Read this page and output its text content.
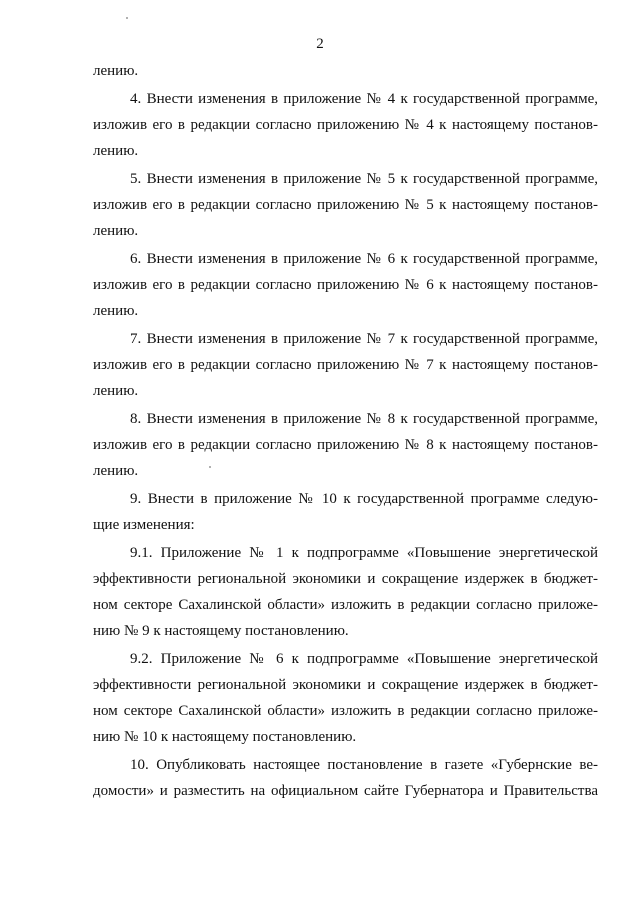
2
лению.
4. Внести изменения в приложение № 4 к государственной программе,
изложив его в редакции согласно приложению № 4 к настоящему постанов-
лению.
5. Внести изменения в приложение № 5 к государственной программе,
изложив его в редакции согласно приложению № 5 к настоящему постанов-
лению.
6. Внести изменения в приложение № 6 к государственной программе,
изложив его в редакции согласно приложению № 6 к настоящему постанов-
лению.
7. Внести изменения в приложение № 7 к государственной программе,
изложив его в редакции согласно приложению № 7 к настоящему постанов-
лению.
8. Внести изменения в приложение № 8 к государственной программе,
изложив его в редакции согласно приложению № 8 к настоящему постанов-
лению.
9. Внести в приложение № 10 к государственной программе следую-
щие изменения:
9.1. Приложение № 1 к подпрограмме «Повышение энергетической
эффективности региональной экономики и сокращение издержек в бюджет-
ном секторе Сахалинской области» изложить в редакции согласно приложе-
нию № 9 к настоящему постановлению.
9.2. Приложение № 6 к подпрограмме «Повышение энергетической
эффективности региональной экономики и сокращение издержек в бюджет-
ном секторе Сахалинской области» изложить в редакции согласно приложе-
нию № 10 к настоящему постановлению.
10. Опубликовать настоящее постановление в газете «Губернские ве-
домости» и разместить на официальном сайте Губернатора и Правительства
